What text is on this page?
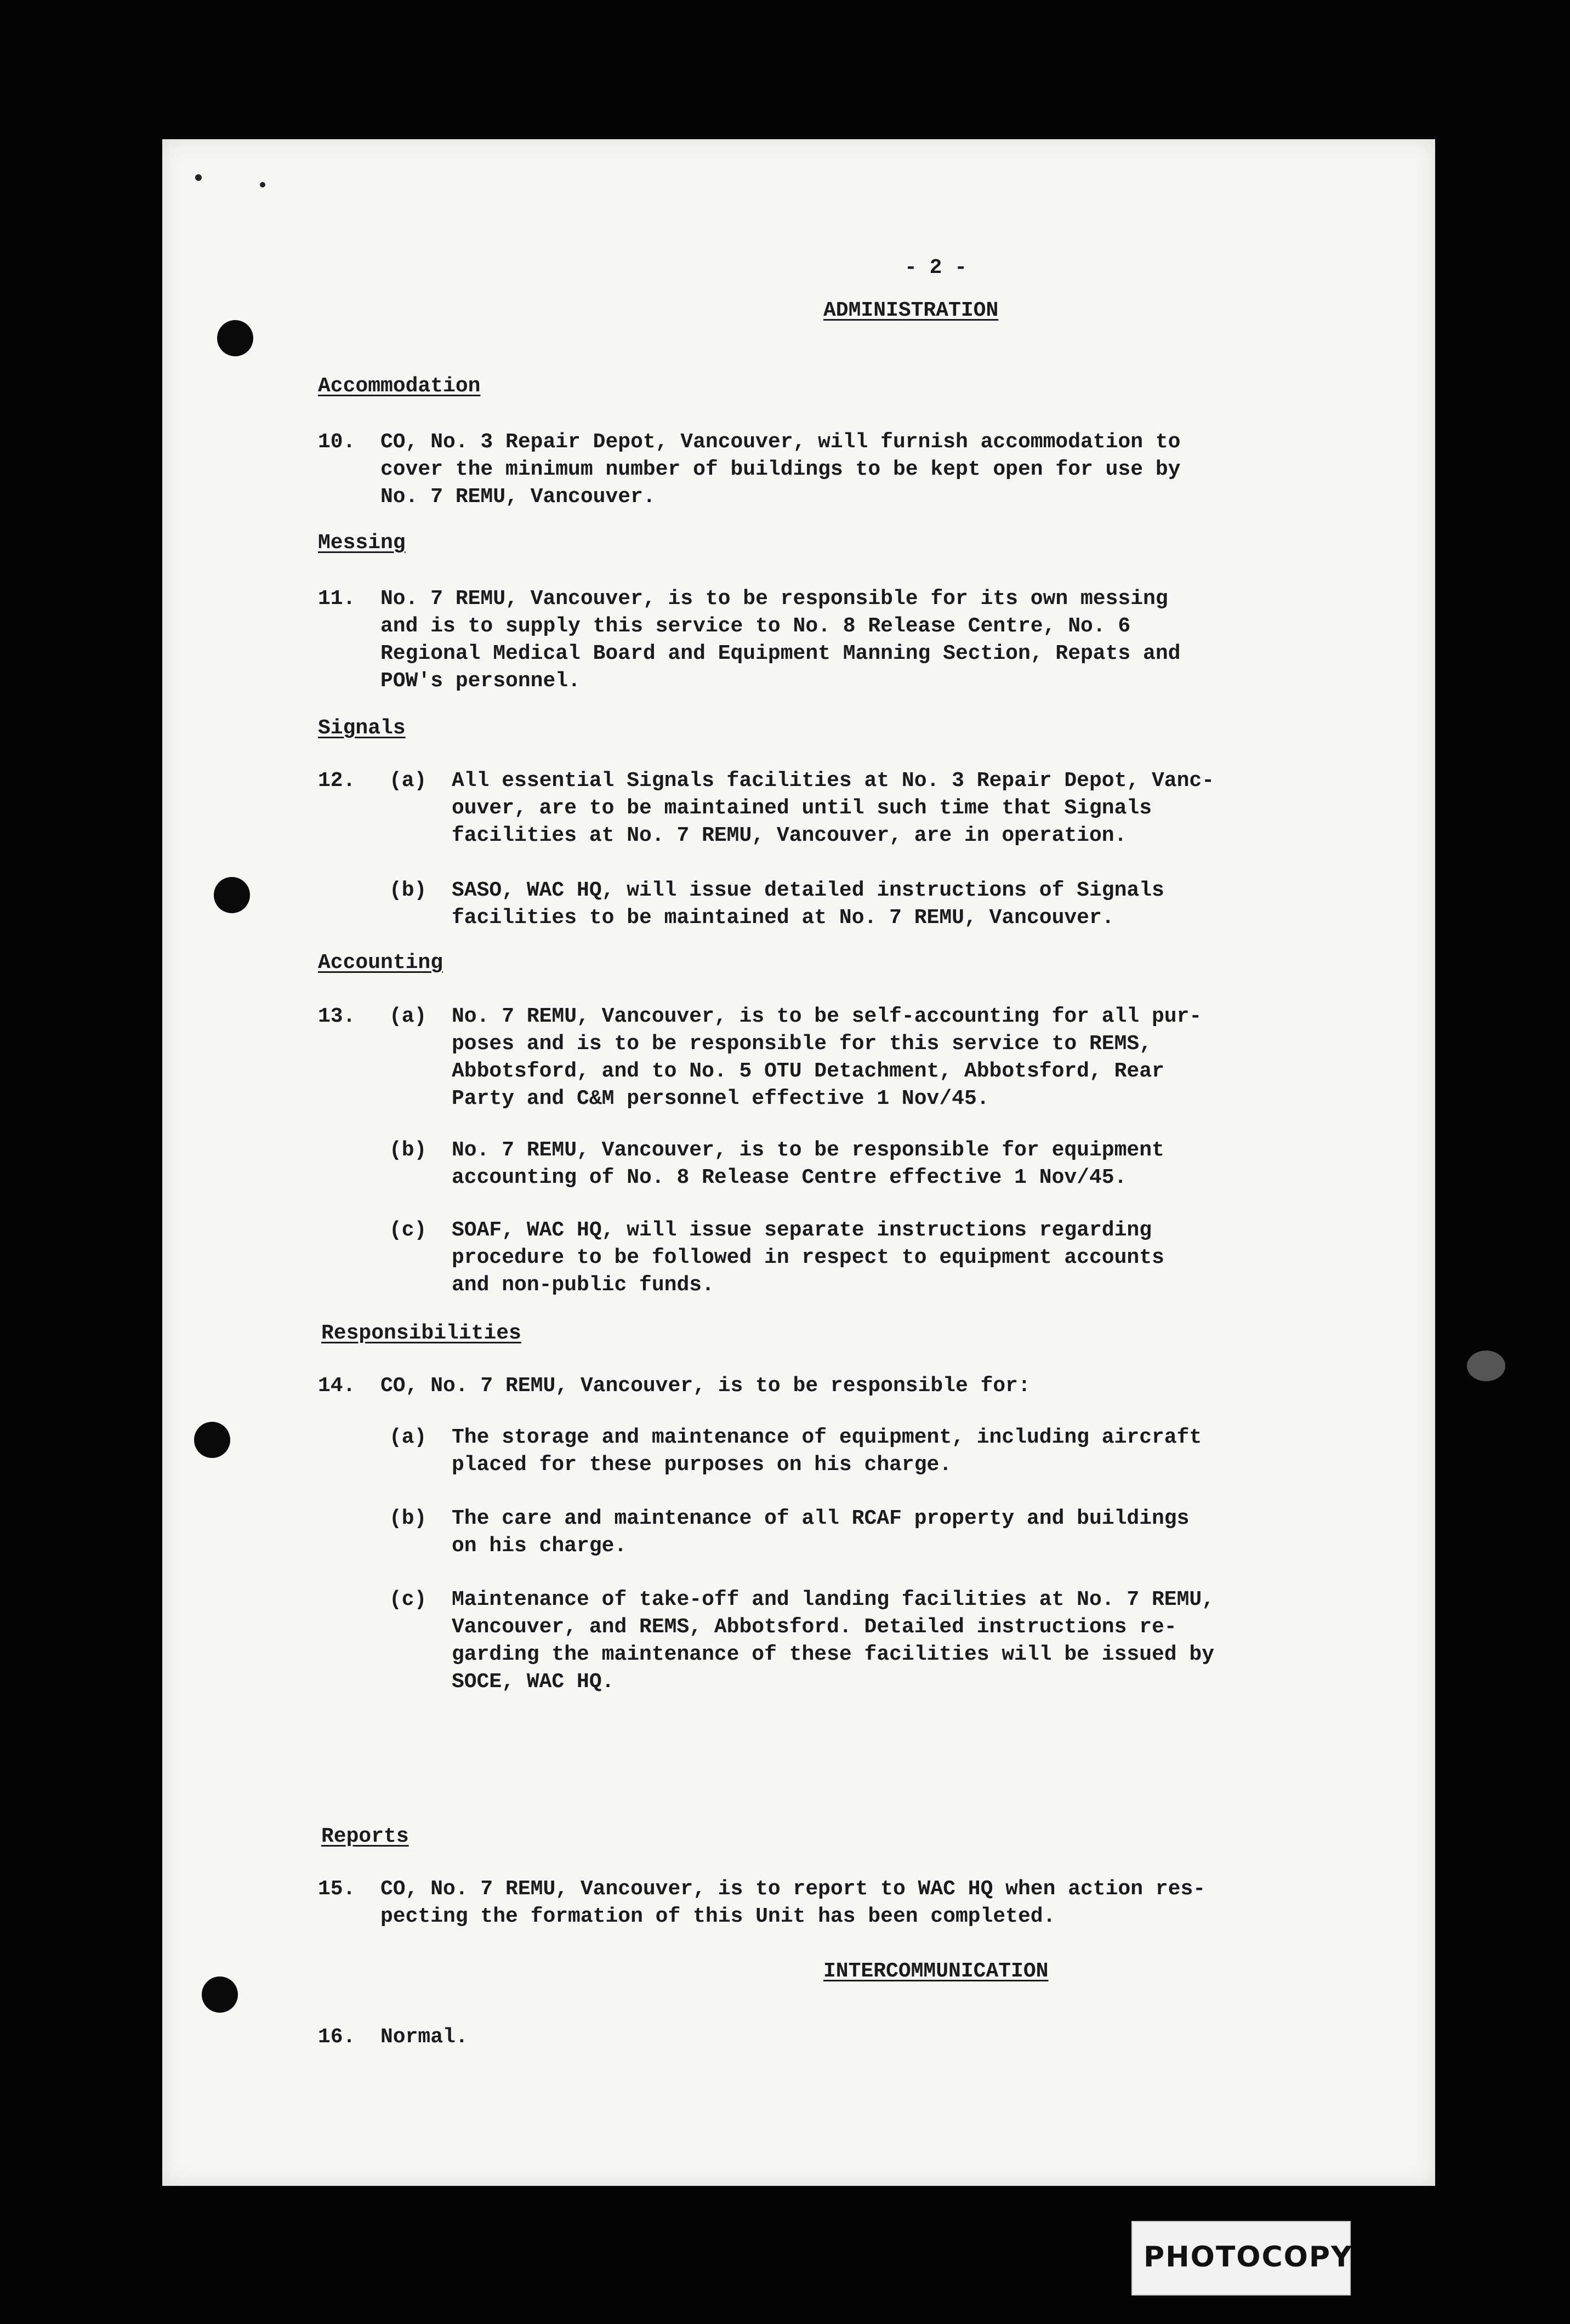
- 2 -
ADMINISTRATION
Accommodation
10. CO, No. 3 Repair Depot, Vancouver, will furnish accommodation to
cover the minimum number of buildings to be kept open for use by
No. 7 REMU, Vancouver.
Messing
11. No. 7 REMU, Vancouver, is to be responsible for its own messing
and is to supply this service to No. 8 Release Centre, No. 6
Regional Medical Board and Equipment Manning Section, Repats and
POW's personnel.
Signals
12. (a) All essential Signals facilities at No. 3 Repair Depot, Vanc-
ouver, are to be maintained until such time that Signals
facilities at No. 7 REMU, Vancouver, are in operation.
(b) SASO, WAC HQ, will issue detailed instructions of Signals
facilities to be maintained at No. 7 REMU, Vancouver.
Accounting
13. (a) No. 7 REMU, Vancouver, is to be self-accounting for all pur-
poses and is to be responsible for this service to REMS,
Abbotsford, and to No. 5 OTU Detachment, Abbotsford, Rear
Party and C&M personnel effective 1 Nov/45.
(b) No. 7 REMU, Vancouver, is to be responsible for equipment
accounting of No. 8 Release Centre effective 1 Nov/45.
(c) SOAF, WAC HQ, will issue separate instructions regarding
procedure to be followed in respect to equipment accounts
and non-public funds.
Responsibilities
14. CO, No. 7 REMU, Vancouver, is to be responsible for:
(a) The storage and maintenance of equipment, including aircraft
placed for these purposes on his charge.
(b) The care and maintenance of all RCAF property and buildings
on his charge.
(c) Maintenance of take-off and landing facilities at No. 7 REMU,
Vancouver, and REMS, Abbotsford. Detailed instructions re-
garding the maintenance of these facilities will be issued by
SOCE, WAC HQ.
Reports
15. CO, No. 7 REMU, Vancouver, is to report to WAC HQ when action res-
pecting the formation of this Unit has been completed.
INTERCOMMUNICATION
16. Normal.
PHOTOCOPY
